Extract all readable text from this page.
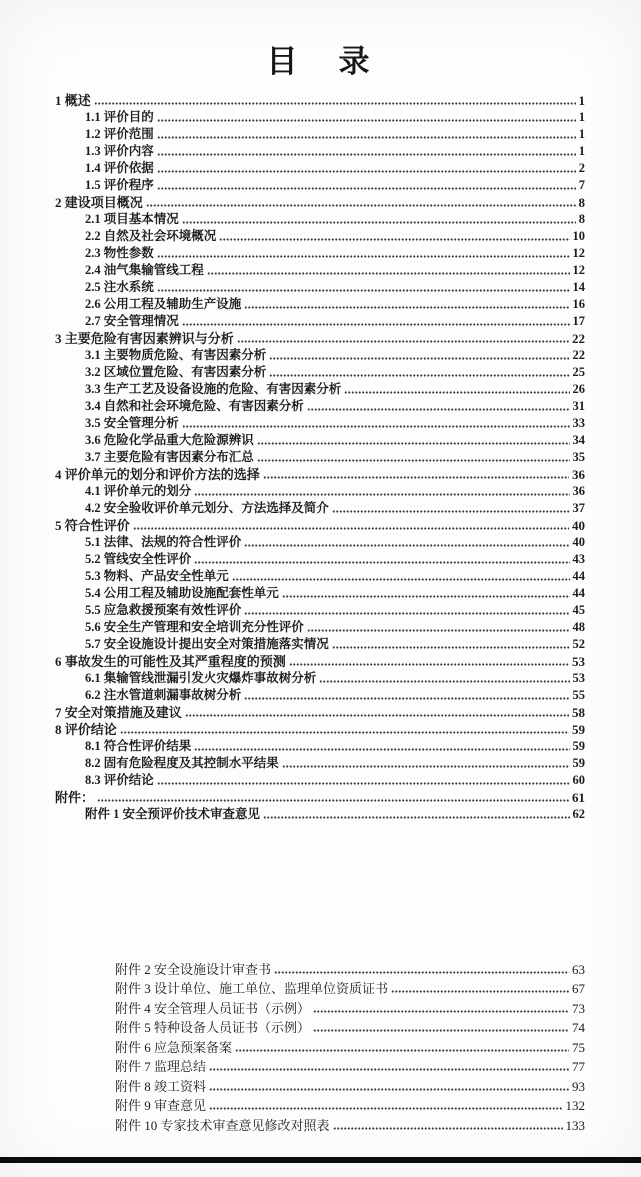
目　录
1 概述	1
1.1 评价目的	1
1.2 评价范围	1
1.3 评价内容	1
1.4 评价依据	2
1.5 评价程序	7
2 建设项目概况	8
2.1 项目基本情况	8
2.2 自然及社会环境概况	10
2.3 物性参数	12
2.4 油气集输管线工程	12
2.5 注水系统	14
2.6 公用工程及辅助生产设施	16
2.7 安全管理情况	17
3 主要危险有害因素辨识与分析	22
3.1 主要物质危险、有害因素分析	22
3.2 区域位置危险、有害因素分析	25
3.3 生产工艺及设备设施的危险、有害因素分析	26
3.4 自然和社会环境危险、有害因素分析	31
3.5 安全管理分析	33
3.6 危险化学品重大危险源辨识	34
3.7 主要危险有害因素分布汇总	35
4 评价单元的划分和评价方法的选择	36
4.1 评价单元的划分	36
4.2 安全验收评价单元划分、方法选择及简介	37
5 符合性评价	40
5.1 法律、法规的符合性评价	40
5.2 管线安全性评价	43
5.3 物料、产品安全性单元	44
5.4 公用工程及辅助设施配套性单元	44
5.5 应急救援预案有效性评价	45
5.6 安全生产管理和安全培训充分性评价	48
5.7 安全设施设计提出安全对策措施落实情况	52
6 事故发生的可能性及其严重程度的预测	53
6.1 集输管线泄漏引发火灾爆炸事故树分析	53
6.2 注水管道刺漏事故树分析	55
7 安全对策措施及建议	58
8 评价结论	59
8.1 符合性评价结果	59
8.2 固有危险程度及其控制水平结果	59
8.3 评价结论	60
附件：	61
附件 1 安全预评价技术审查意见	62
附件 2 安全设施设计审查书	63
附件 3 设计单位、施工单位、监理单位资质证书	67
附件 4 安全管理人员证书（示例）	73
附件 5 特种设备人员证书（示例）	74
附件 6 应急预案备案	75
附件 7 监理总结	77
附件 8 竣工资料	93
附件 9 审查意见	132
附件 10 专家技术审查意见修改对照表	133
